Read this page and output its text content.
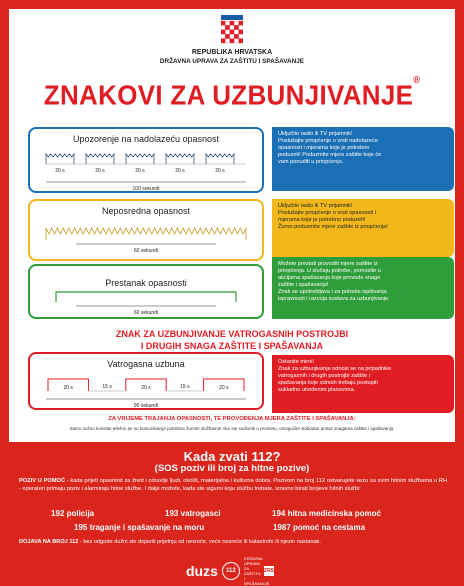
REPUBLIKA HRVATSKA
DRŽAVNA UPRAVA ZA ZAŠTITU I SPAŠAVANJE
ZNAKOVI ZA UZBUNJIVANJE®
Upozorenje na nadolazeću opasnost
20 s	20 s	20 s	20 s	20 s
100 sekundi
Uključite radio ili TV prijamnik!
Poslušajte priopćenje o vrsti nadolazeće
opasnosti i mjerama koje je potrebno
poduzeti! Poduzmite mjere zaštite koje će
vam ponuditi u priopćenju.
Neposredna opasnost
60 sekundi
Uključite radio ili TV prijamnik!
Poslušajte priopćenje o vrsti opasnosti i
mjerama koje je potrebno poduzeti!
Žurno poduzmite mjere zaštite iz priopćenja!
Prestanak opasnosti
60 sekundi
Možete prestati provoditi mjere zaštite iz
priopćenja. U slučaju potrebe, pomozite u
akcijama spašavanja koje provode snage
zaštite i spašavanja!
Znak se upotrebljava i za potrebe ispitivanja
ispravnosti i razvoja sustava za uzbunjivanje.
ZNAK ZA UZBUNJIVANJE VATROGASNIH POSTROJBI
I DRUGIH SNAGA ZAŠTITE I SPAŠAVANJA
Vatrogasna uzbuna
20 s	15 s	20 s	15 s	20 s
90 sekundi
Ostanite mirni!
Znak za uzbunjivanje odnosi se na pripadnike
vatrogasnih i drugih postrojbi zaštite i
spašavanja koje odmah trebaju postupiti
sukladno utvrđenim planovima.
ZA VRIJEME TRAJANJA OPASNOSTI, TE PROVOĐENJA MJERA ZAŠTITE I SPAŠAVANJA:
Samo nužno koristite telefon jer su komunikacije potrebne žurnim službama! Ako ste sudionik u prometu, omogućite slobodan prolaz snagama zaštite i spašavanja.
Kada zvati 112?
(SOS poziv ili broj za hitne pozive)
POZIV U POMOĆ - kada prijeti opasnost za život i zdravlje ljudi, okoliš, materijalna i kulturna dobra. Pozivom na broj 112 ostvarujete vezu sa svim hitnim službama u RH - operateri primaju poziv i alarmiraju hitne službe. I dalje možete, kada ste sigurni koju službu trebate, izravno birati brojeve hitnih službi:
192 policija	193 vatrogasci	194 hitna medicinska pomoć
195 traganje i spašavanje na moru	1987 pomoć na cestama
DOJAVA NA BROJ 112 - bez odgode dužni ste dojaviti prijetnju od nesreće, veće nesreće ili katastrofe ili njezin nastanak.
duzs	112
DRŽAVNA UPRAVA ZA ZAŠTITU I SPAŠAVANJE
ZRS
